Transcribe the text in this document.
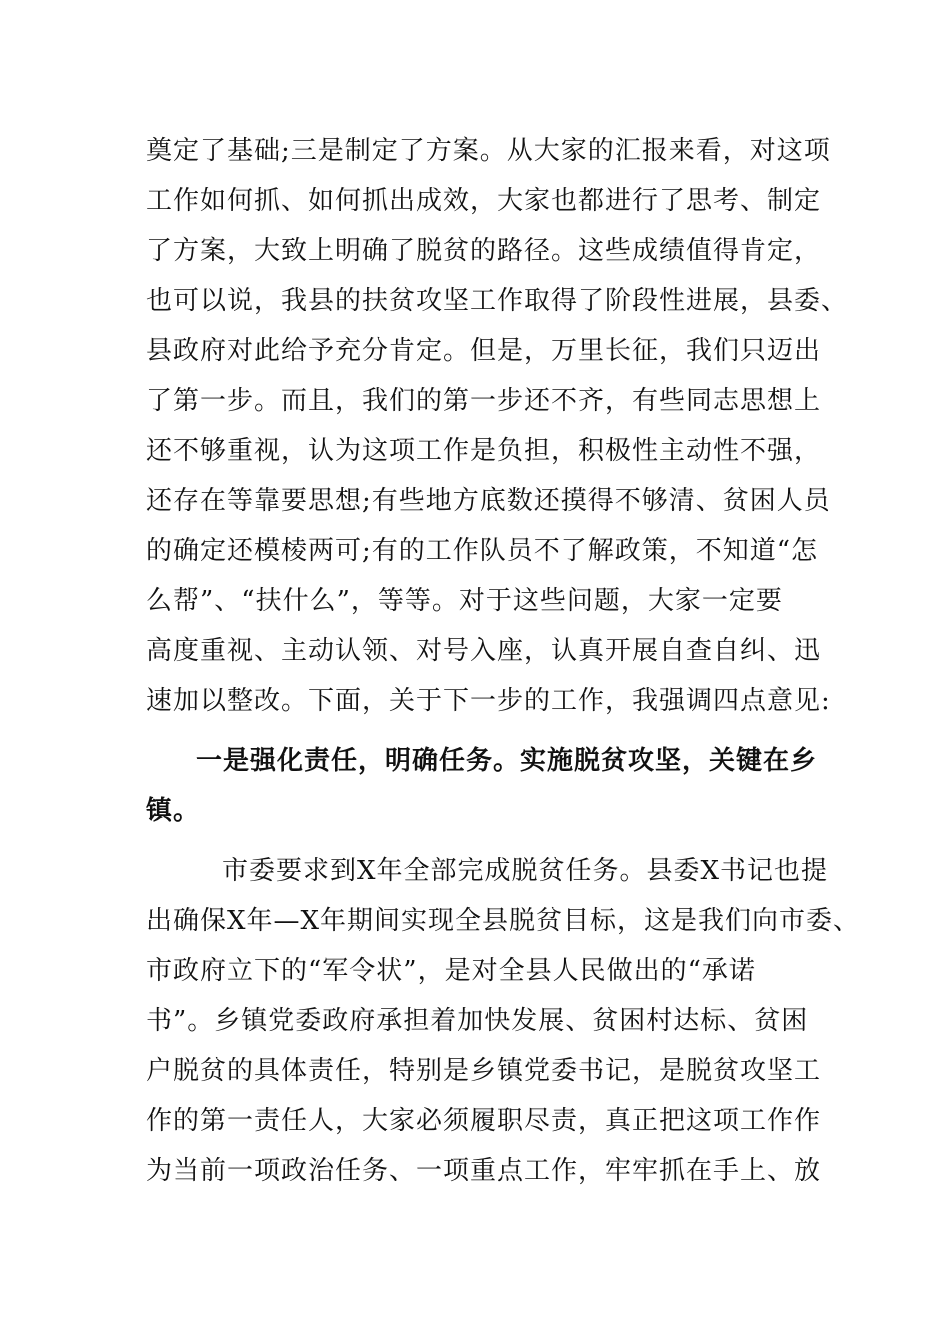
奠定了基础;三是制定了方案。从大家的汇报来看，对这项
工作如何抓、如何抓出成效，大家也都进行了思考、制定
了方案，大致上明确了脱贫的路径。这些成绩值得肯定，
也可以说，我县的扶贫攻坚工作取得了阶段性进展，县委、
县政府对此给予充分肯定。但是，万里长征，我们只迈出
了第一步。而且，我们的第一步还不齐，有些同志思想上
还不够重视，认为这项工作是负担，积极性主动性不强，
还存在等靠要思想;有些地方底数还摸得不够清、贫困人员
的确定还模棱两可;有的工作队员不了解政策，不知道“怎
么帮”、“扶什么”，等等。对于这些问题，大家一定要
高度重视、主动认领、对号入座，认真开展自查自纠、迅
速加以整改。下面，关于下一步的工作，我强调四点意见:
一是强化责任，明确任务。实施脱贫攻坚，关键在乡
镇。
市委要求到X年全部完成脱贫任务。县委X书记也提
出确保X年—X年期间实现全县脱贫目标，这是我们向市委、
市政府立下的“军令状”，是对全县人民做出的“承诺
书”。乡镇党委政府承担着加快发展、贫困村达标、贫困
户脱贫的具体责任，特别是乡镇党委书记，是脱贫攻坚工
作的第一责任人，大家必须履职尽责，真正把这项工作作
为当前一项政治任务、一项重点工作，牢牢抓在手上、放
